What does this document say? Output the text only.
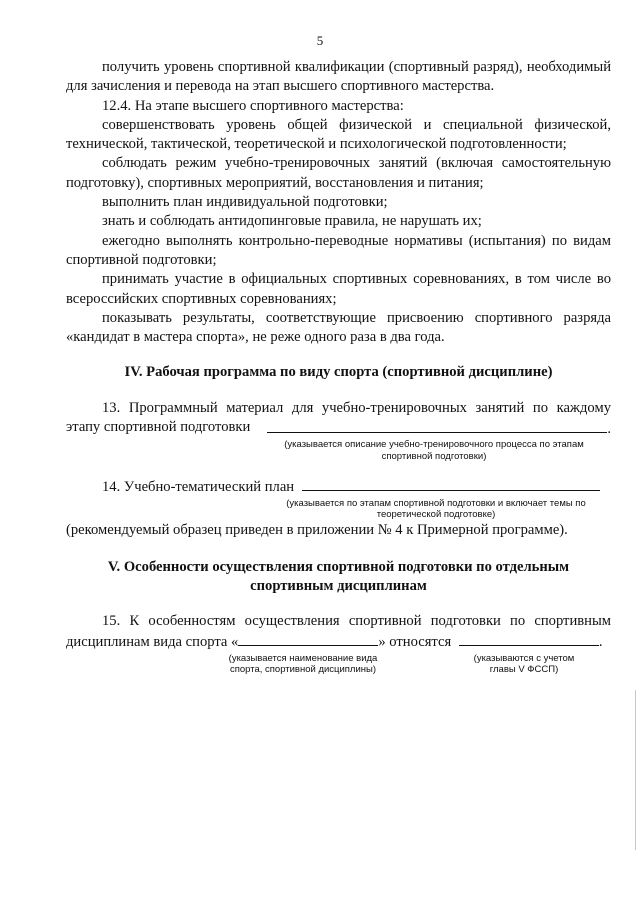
5

получить уровень спортивной квалификации (спортивный разряд), необходимый для зачисления и перевода на этап высшего спортивного мастерства.

12.4. На этапе высшего спортивного мастерства:

совершенствовать уровень общей физической и специальной физической, технической, тактической, теоретической и психологической подготовленности;

соблюдать режим учебно-тренировочных занятий (включая самостоятельную подготовку), спортивных мероприятий, восстановления и питания;

выполнить план индивидуальной подготовки;

знать и соблюдать антидопинговые правила, не нарушать их;

ежегодно выполнять контрольно-переводные нормативы (испытания) по видам спортивной подготовки;

принимать участие в официальных спортивных соревнованиях, в том числе во всероссийских спортивных соревнованиях;

показывать результаты, соответствующие присвоению спортивного разряда «кандидат в мастера спорта», не реже одного раза в два года.

IV. Рабочая программа по виду спорта (спортивной дисциплине)

13. Программный материал для учебно-тренировочных занятий по каждому

этапу спортивной подготовки	.

(указывается описание учебно-тренировочного процесса по этапам спортивной подготовки)

14. Учебно-тематический план

(указывается по этапам спортивной подготовки и включает темы по теоретической подготовке)

(рекомендуемый образец приведен в приложении № 4 к Примерной программе).

V. Особенности осуществления спортивной подготовки по отдельным спортивным дисциплинам

15. К особенностям осуществления спортивной подготовки по спортивным

дисциплинам вида спорта «	» относятся	.

(указывается наименование вида спорта, спортивной дисциплины)

(указываются с учетом главы V ФССП)
